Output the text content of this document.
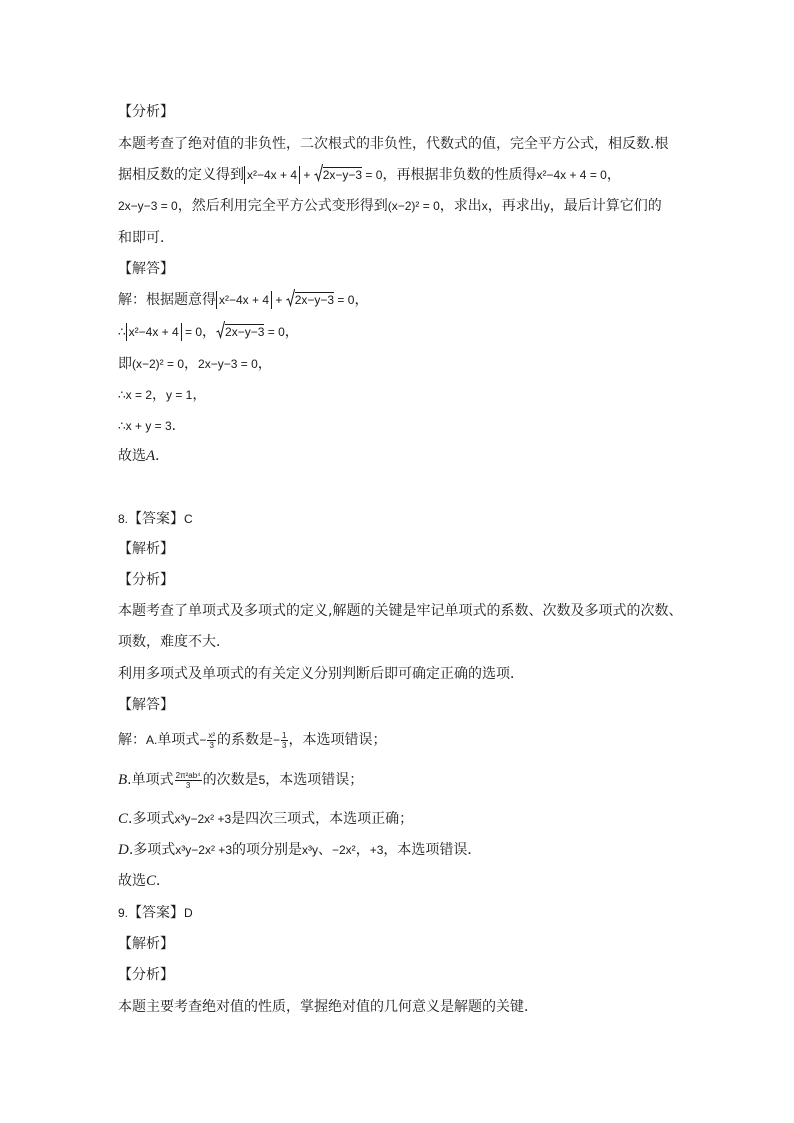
【分析】
本题考查了绝对值的非负性，二次根式的非负性，代数式的值，完全平方公式，相反数.根
据相反数的定义得到 x²−4x + 4 +
2x−y−3 = 0，再根据非负数的性质得x²−4x + 4 = 0，
2x−y−3 = 0，然后利用完全平方公式变形得到(x−2)² = 0，求出x，再求出y，最后计算它们的
和即可．
【解答】
解：根据题意得 x²−4x + 4 +
2x−y−3 = 0，
∴ x²−4x + 4 = 0， 2x−y−3 = 0，
即(x−2)² = 0，2x−y−3 = 0，
∴x = 2，y = 1，
∴x + y = 3．
故选A．
8.【答案】C
【解析】
【分析】
本题考查了单项式及多项式的定义,解题的关键是牢记单项式的系数、次数及多项式的次数、
项数，难度不大．
利用多项式及单项式的有关定义分别判断后即可确定正确的选项．
【解答】
解：A.单项式− $\frac{\text{x²}}{3}$ 的系数是− $\frac{1}{3}$ ，本选项错误；
B.单项式 $\frac{\text{2π²ab⁴}}{3}$ 的次数是5，本选项错误；
C.多项式x³y−2x² +3是四次三项式，本选项正确；
D.多项式x³y−2x² +3的项分别是x³y、−2x²，+3，本选项错误．
故选C．
9.【答案】D
【解析】
【分析】
本题主要考查绝对值的性质，掌握绝对值的几何意义是解题的关键．
